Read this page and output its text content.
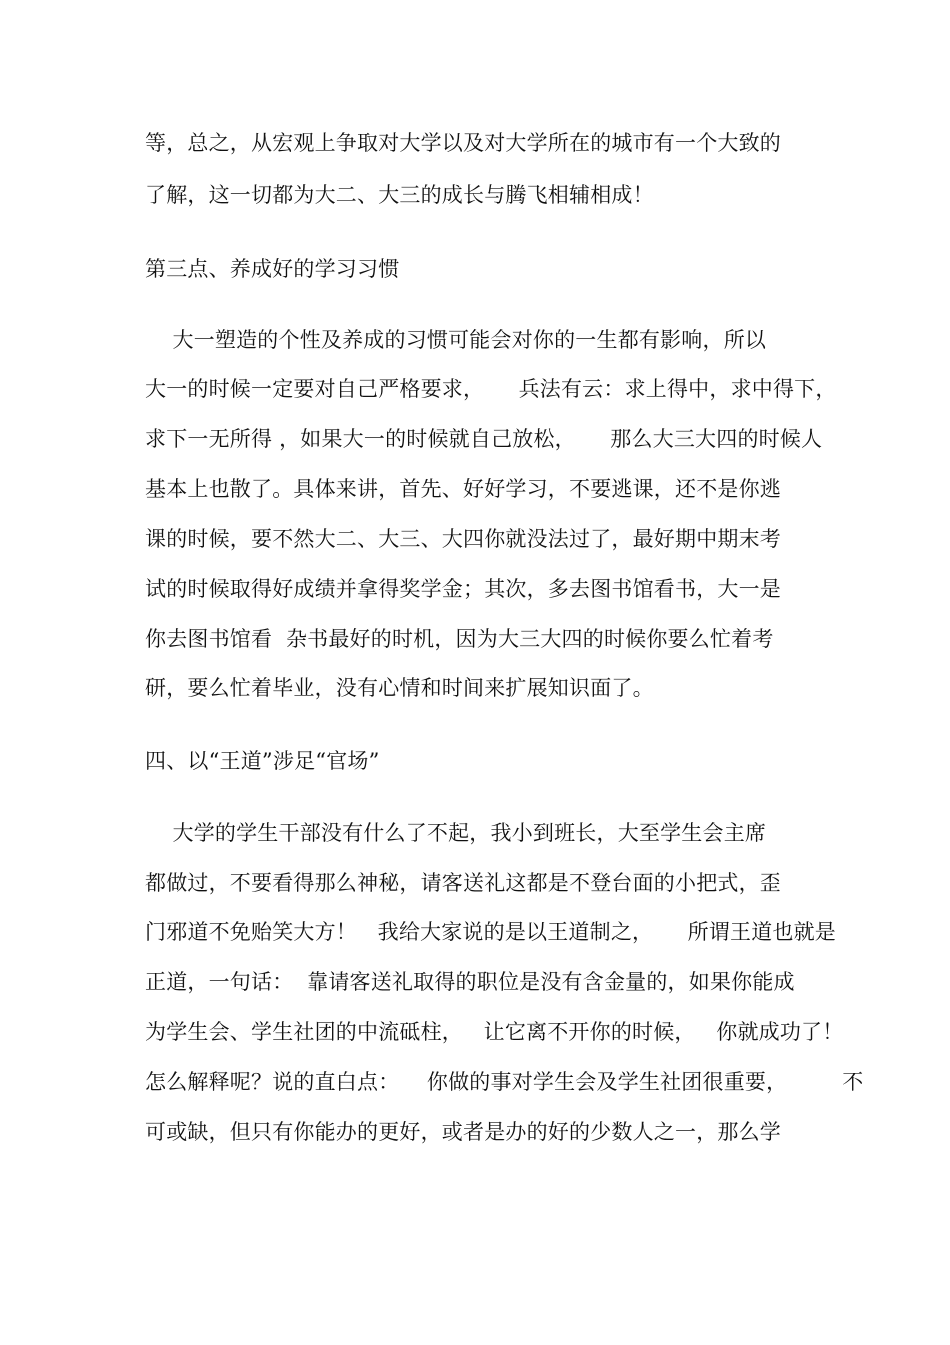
等，总之，从宏观上争取对大学以及对大学所在的城市有一个大致的
了解，这一切都为大二、大三的成长与腾飞相辅相成！
第三点、养成好的学习习惯
大一塑造的个性及养成的习惯可能会对你的一生都有影响，所以
大一的时候一定要对自己严格要求，     兵法有云：求上得中，求中得下，
求下一无所得 ，如果大一的时候就自己放松，     那么大三大四的时候人
基本上也散了。具体来讲，首先、好好学习，不要逃课，还不是你逃
课的时候，要不然大二、大三、大四你就没法过了，最好期中期末考
试的时候取得好成绩并拿得奖学金；其次，多去图书馆看书，大一是
你去图书馆看  杂书最好的时机，因为大三大四的时候你要么忙着考
研，要么忙着毕业，没有心情和时间来扩展知识面了。
四、以“王道”涉足“官场”
大学的学生干部没有什么了不起，我小到班长，大至学生会主席
都做过，不要看得那么神秘，请客送礼这都是不登台面的小把式，歪
门邪道不免贻笑大方！   我给大家说的是以王道制之，     所谓王道也就是
正道，一句话：  靠请客送礼取得的职位是没有含金量的，如果你能成
为学生会、学生社团的中流砥柱，   让它离不开你的时候，   你就成功了！
怎么解释呢？说的直白点：    你做的事对学生会及学生社团很重要，        不
可或缺，但只有你能办的更好，或者是办的好的少数人之一，那么学
